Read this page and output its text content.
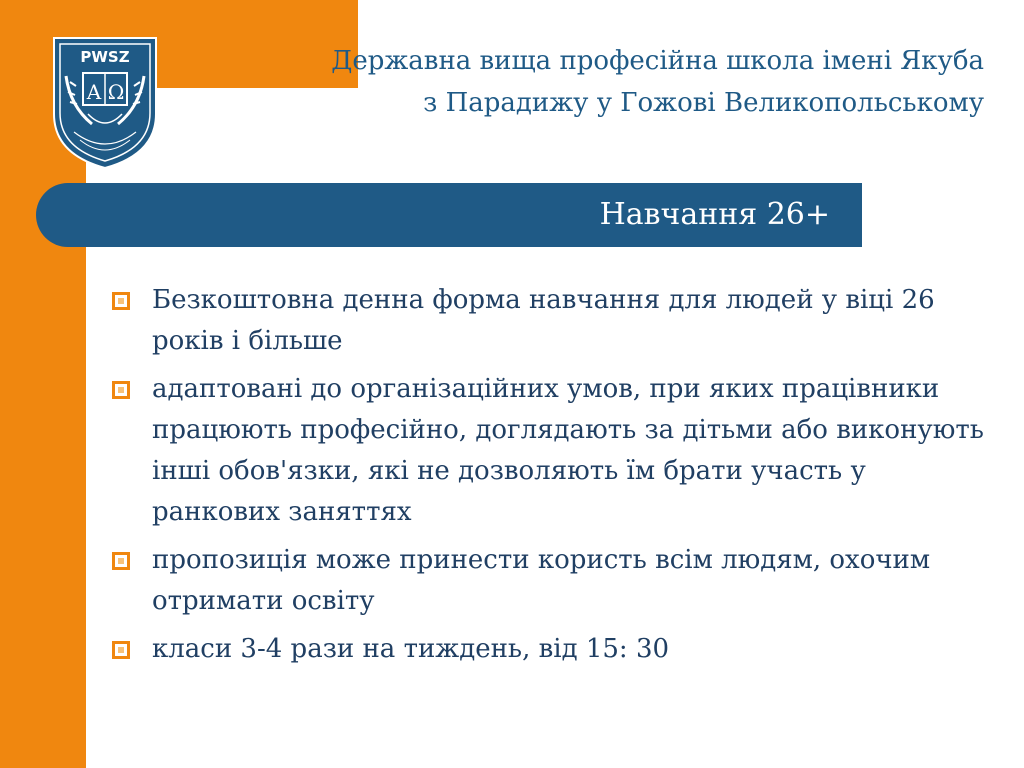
PWSZ
A Ω
Державна вища професійна школа імені Якуба
з Парадижу у Гожові Великопольському
Навчання 26+
Безкоштовна денна форма навчання для людей у віці 26 років і більше
адаптовані до організаційних умов, при яких працівники працюють професійно, доглядають за дітьми або виконують інші обов'язки, які не дозволяють їм брати участь у ранкових заняттях
пропозиція може принести користь всім людям, охочим отримати освіту
класи 3-4 рази на тиждень, від 15: 30
